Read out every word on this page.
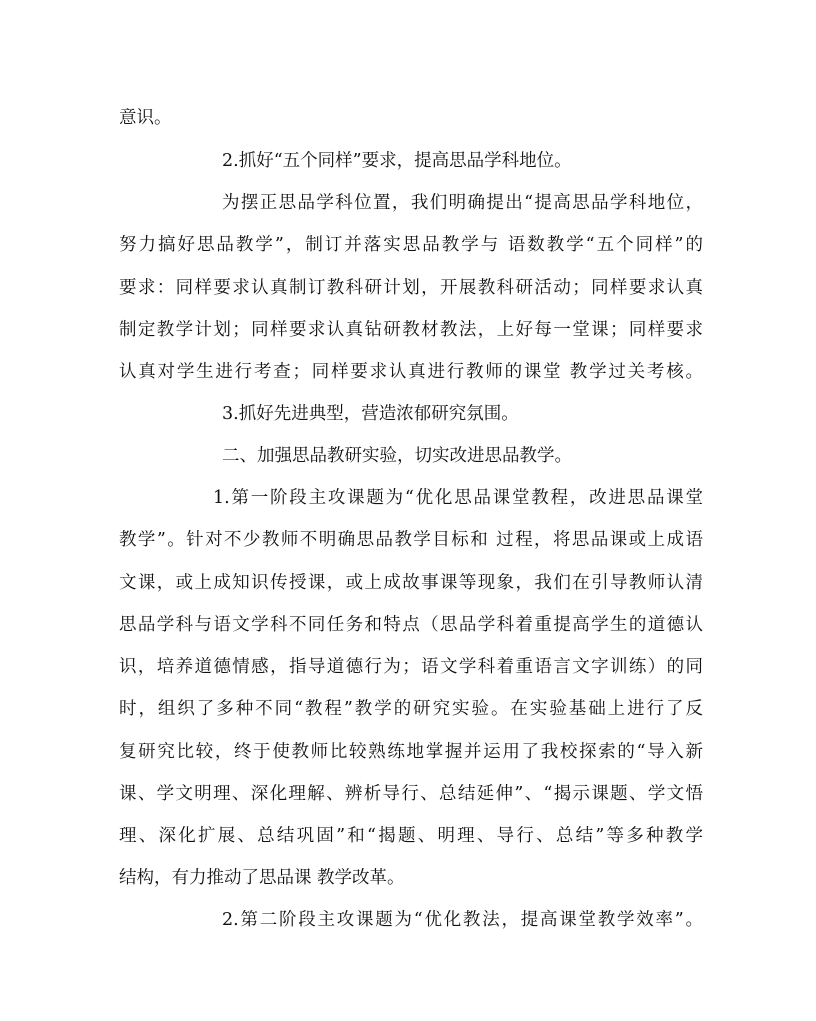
意识。
2.抓好“五个同样”要求，提高思品学科地位。
为摆正思品学科位置，我们明确提出“提高思品学科地位，
努力搞好思品教学”，制订并落实思品教学与 语数教学“五个同样”的
要求：同样要求认真制订教科研计划，开展教科研活动；同样要求认真
制定教学计划；同样要求认真钻研教材教法，上好每一堂课；同样要求
认真对学生进行考查；同样要求认真进行教师的课堂 教学过关考核。
3.抓好先进典型，营造浓郁研究氛围。
二、加强思品教研实验，切实改进思品教学。
1.第一阶段主攻课题为“优化思品课堂教程，改进思品课堂
教学”。针对不少教师不明确思品教学目标和 过程，将思品课或上成语
文课，或上成知识传授课，或上成故事课等现象，我们在引导教师认清
思品学科与语文学科不同任务和特点（思品学科着重提高学生的道德认
识，培养道德情感，指导道德行为；语文学科着重语言文字训练）的同
时，组织了多种不同“教程”教学的研究实验。在实验基础上进行了反
复研究比较，终于使教师比较熟练地掌握并运用了我校探索的“导入新
课、学文明理、深化理解、辨析导行、总结延伸”、“揭示课题、学文悟
理、深化扩展、总结巩固”和“揭题、明理、导行、总结”等多种教学
结构，有力推动了思品课 教学改革。
2.第二阶段主攻课题为“优化教法，提高课堂教学效率”。
